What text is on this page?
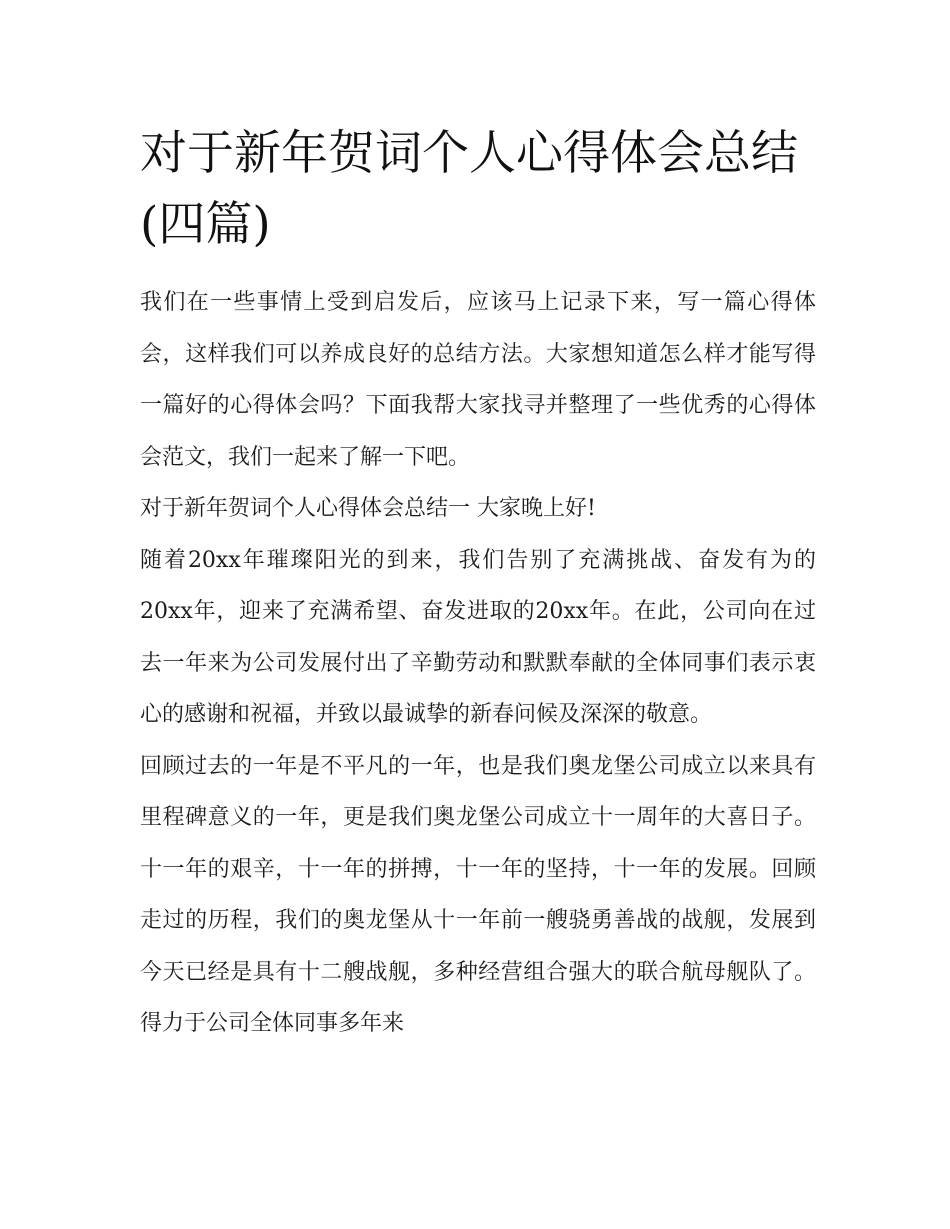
对于新年贺词个人心得体会总结(四篇)

我们在一些事情上受到启发后，应该马上记录下来，写一篇心得体会，这样我们可以养成良好的总结方法。大家想知道怎么样才能写得一篇好的心得体会吗？下面我帮大家找寻并整理了一些优秀的心得体会范文，我们一起来了解一下吧。

对于新年贺词个人心得体会总结一 大家晚上好!

随着20xx年璀璨阳光的到来，我们告别了充满挑战、奋发有为的20xx年，迎来了充满希望、奋发进取的20xx年。在此，公司向在过去一年来为公司发展付出了辛勤劳动和默默奉献的全体同事们表示衷心的感谢和祝福，并致以最诚挚的新春问候及深深的敬意。

回顾过去的一年是不平凡的一年，也是我们奥龙堡公司成立以来具有里程碑意义的一年，更是我们奥龙堡公司成立十一周年的大喜日子。十一年的艰辛，十一年的拼搏，十一年的坚持，十一年的发展。回顾走过的历程，我们的奥龙堡从十一年前一艘骁勇善战的战舰，发展到今天已经是具有十二艘战舰，多种经营组合强大的联合航母舰队了。得力于公司全体同事多年来
